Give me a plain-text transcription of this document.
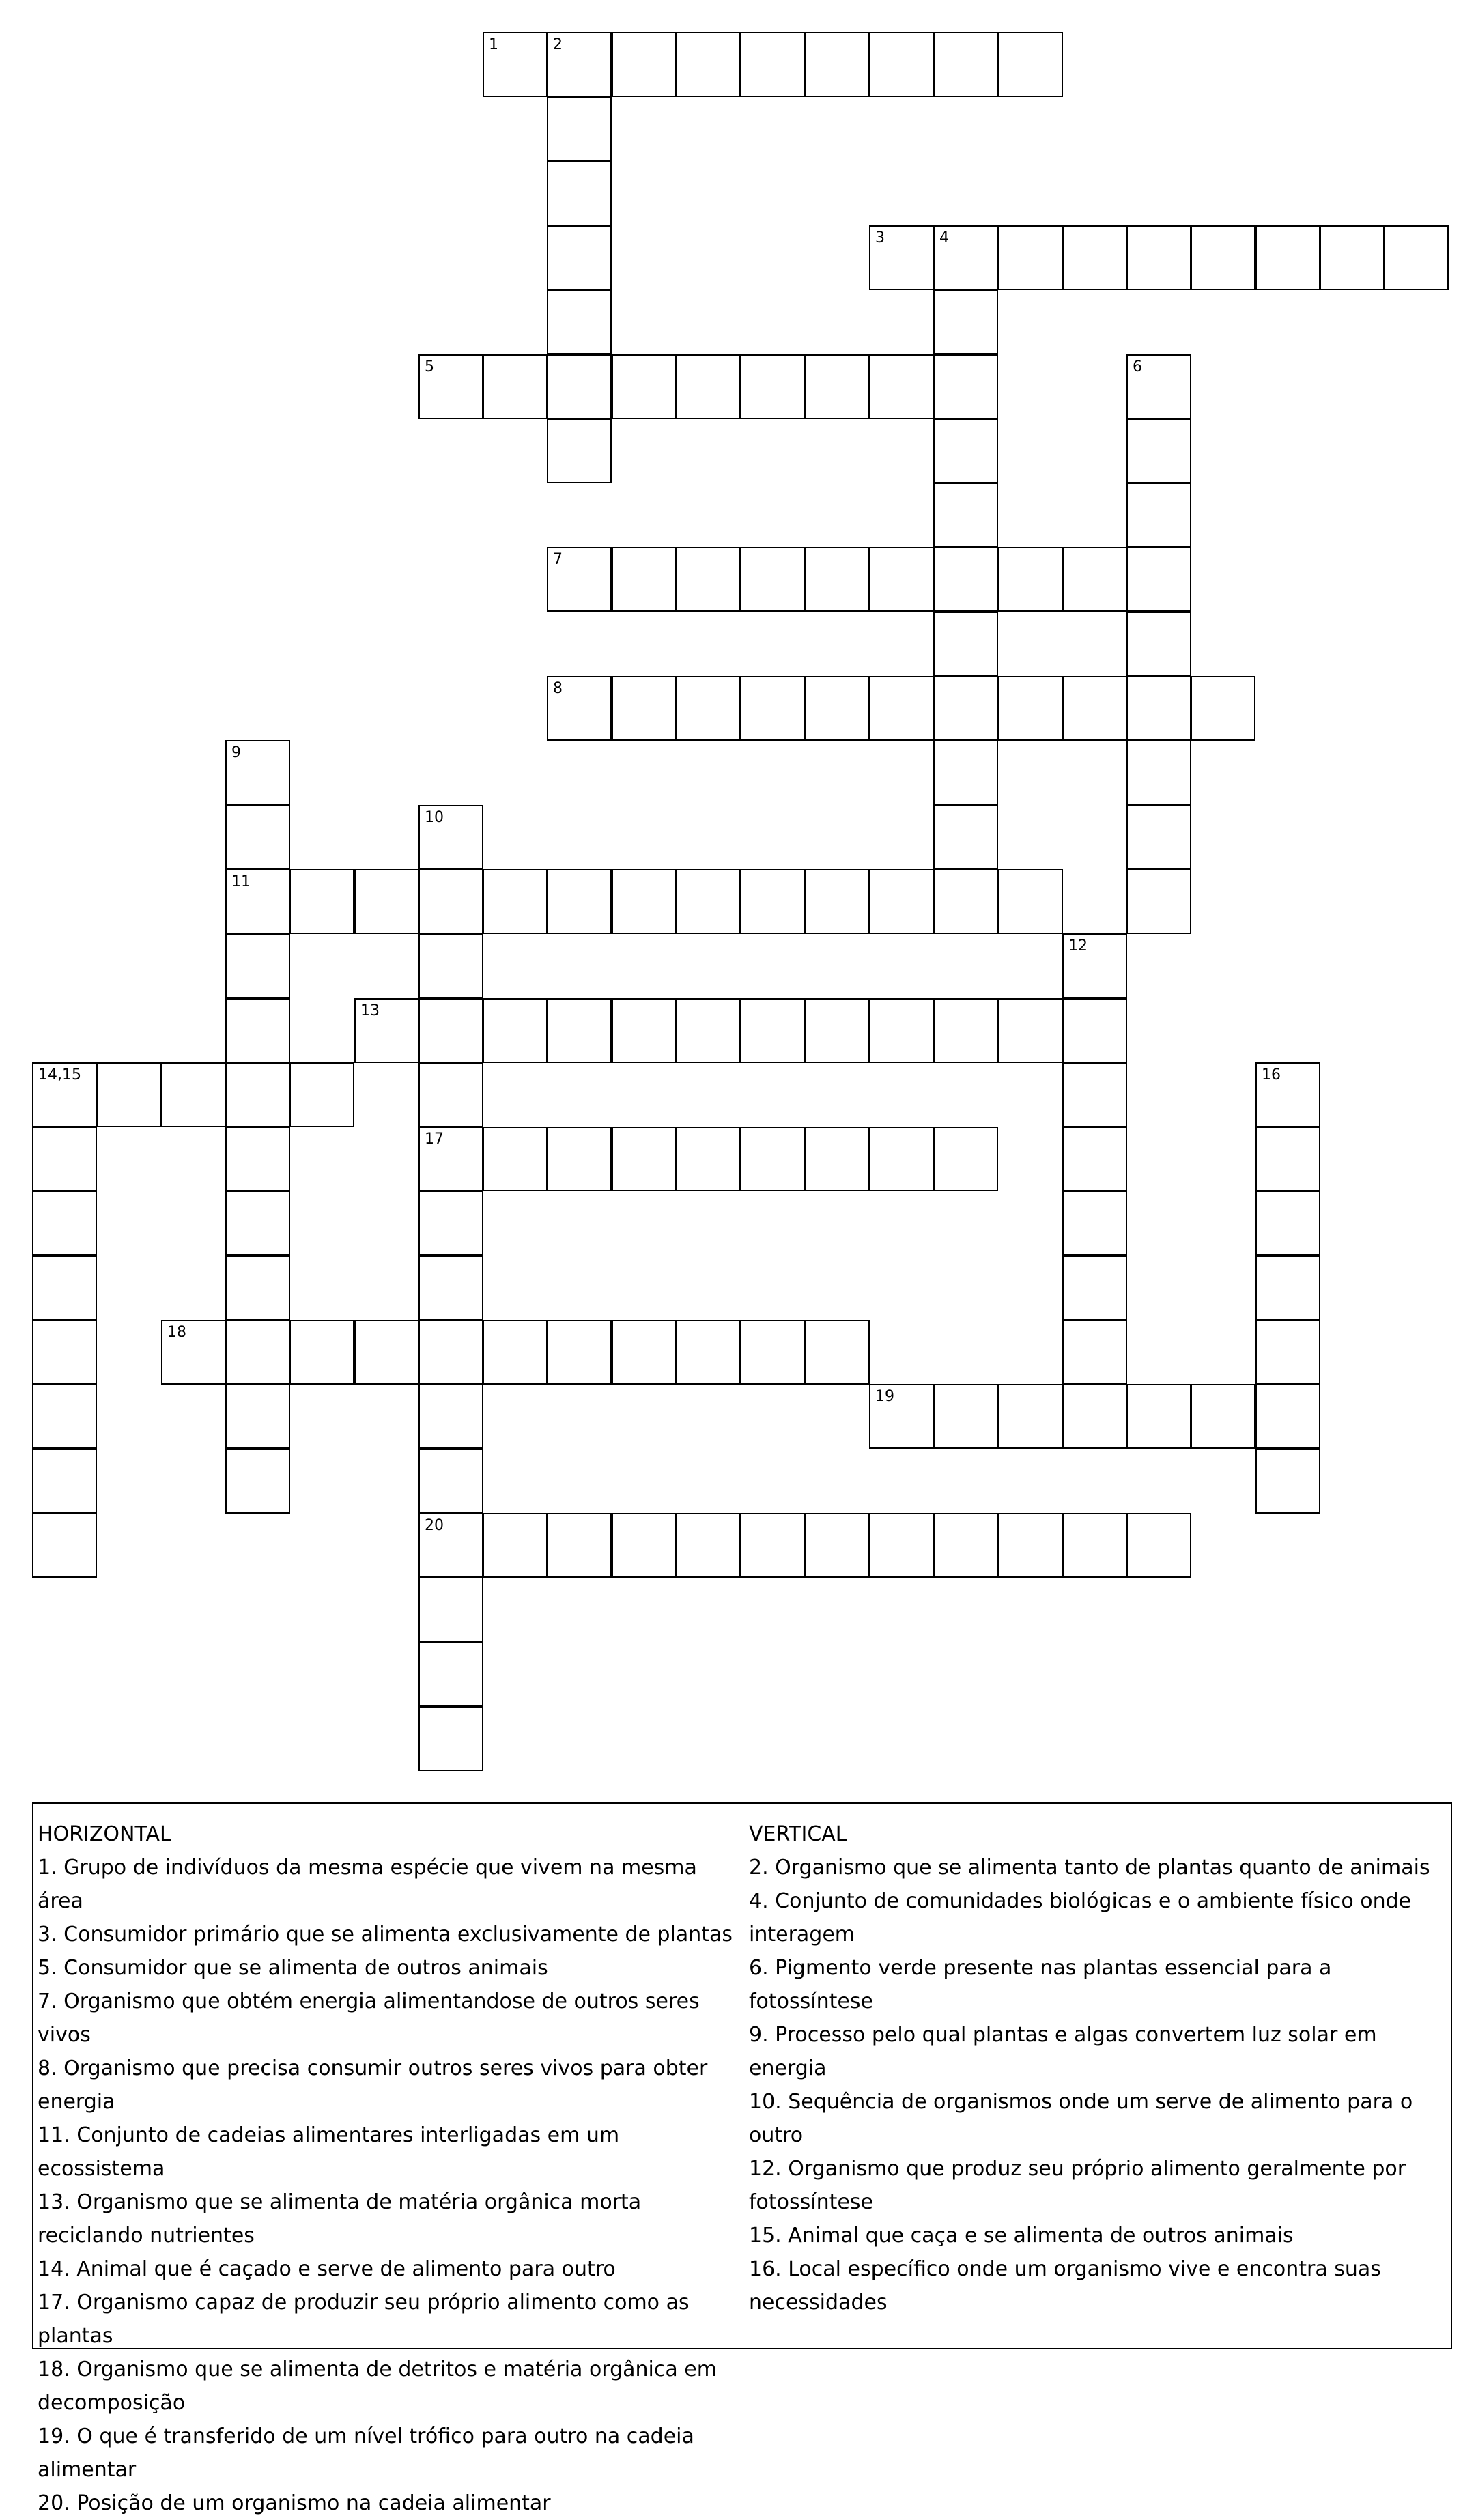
1	2
3	4
5	6
7
8
9
11
10
17
20
12
13
14,15	16
18
19
HORIZONTAL
1. Grupo de indivíduos da mesma espécie que vivem na mesma área
3. Consumidor primário que se alimenta exclusivamente de plantas
5. Consumidor que se alimenta de outros animais
7. Organismo que obtém energia alimentandose de outros seres vivos
8. Organismo que precisa consumir outros seres vivos para obter energia
11. Conjunto de cadeias alimentares interligadas em um ecossistema
13. Organismo que se alimenta de matéria orgânica morta reciclando nutrientes
14. Animal que é caçado e serve de alimento para outro
17. Organismo capaz de produzir seu próprio alimento como as plantas
18. Organismo que se alimenta de detritos e matéria orgânica em decomposição
19. O que é transferido de um nível trófico para outro na cadeia alimentar
20. Posição de um organismo na cadeia alimentar
VERTICAL
2. Organismo que se alimenta tanto de plantas quanto de animais
4. Conjunto de comunidades biológicas e o ambiente físico onde interagem
6. Pigmento verde presente nas plantas essencial para a fotossíntese
9. Processo pelo qual plantas e algas convertem luz solar em energia
10. Sequência de organismos onde um serve de alimento para o outro
12. Organismo que produz seu próprio alimento geralmente por fotossíntese
15. Animal que caça e se alimenta de outros animais
16. Local específico onde um organismo vive e encontra suas necessidades
